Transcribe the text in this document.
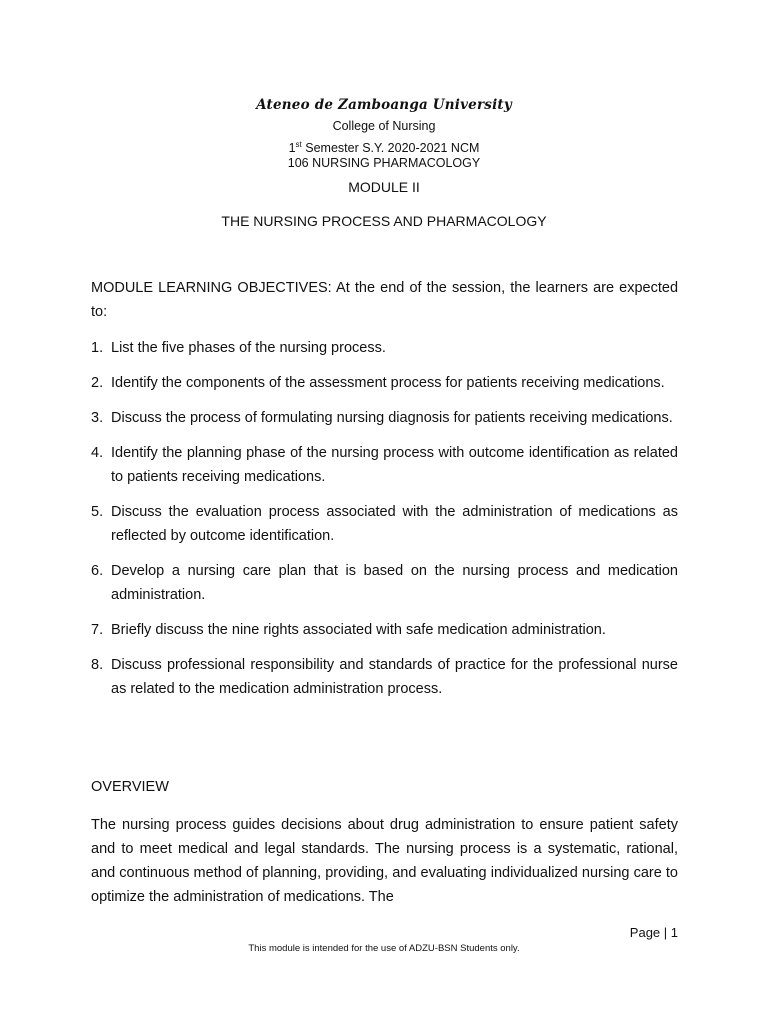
Ateneo de Zamboanga University
College of Nursing
1st Semester S.Y. 2020-2021 NCM
106 NURSING PHARMACOLOGY
MODULE II
THE NURSING PROCESS AND PHARMACOLOGY
MODULE LEARNING OBJECTIVES: At the end of the session, the learners are expected to:
1. List the five phases of the nursing process.
2. Identify the components of the assessment process for patients receiving medications.
3. Discuss the process of formulating nursing diagnosis for patients receiving medications.
4. Identify the planning phase of the nursing process with outcome identification as related to patients receiving medications.
5. Discuss the evaluation process associated with the administration of medications as reflected by outcome identification.
6. Develop a nursing care plan that is based on the nursing process and medication administration.
7. Briefly discuss the nine rights associated with safe medication administration.
8. Discuss professional responsibility and standards of practice for the professional nurse as related to the medication administration process.
OVERVIEW
The nursing process guides decisions about drug administration to ensure patient safety and to meet medical and legal standards. The nursing process is a systematic, rational, and continuous method of planning, providing, and evaluating individualized nursing care to optimize the administration of medications. The
Page | 1
This module is intended for the use of ADZU-BSN Students only.
